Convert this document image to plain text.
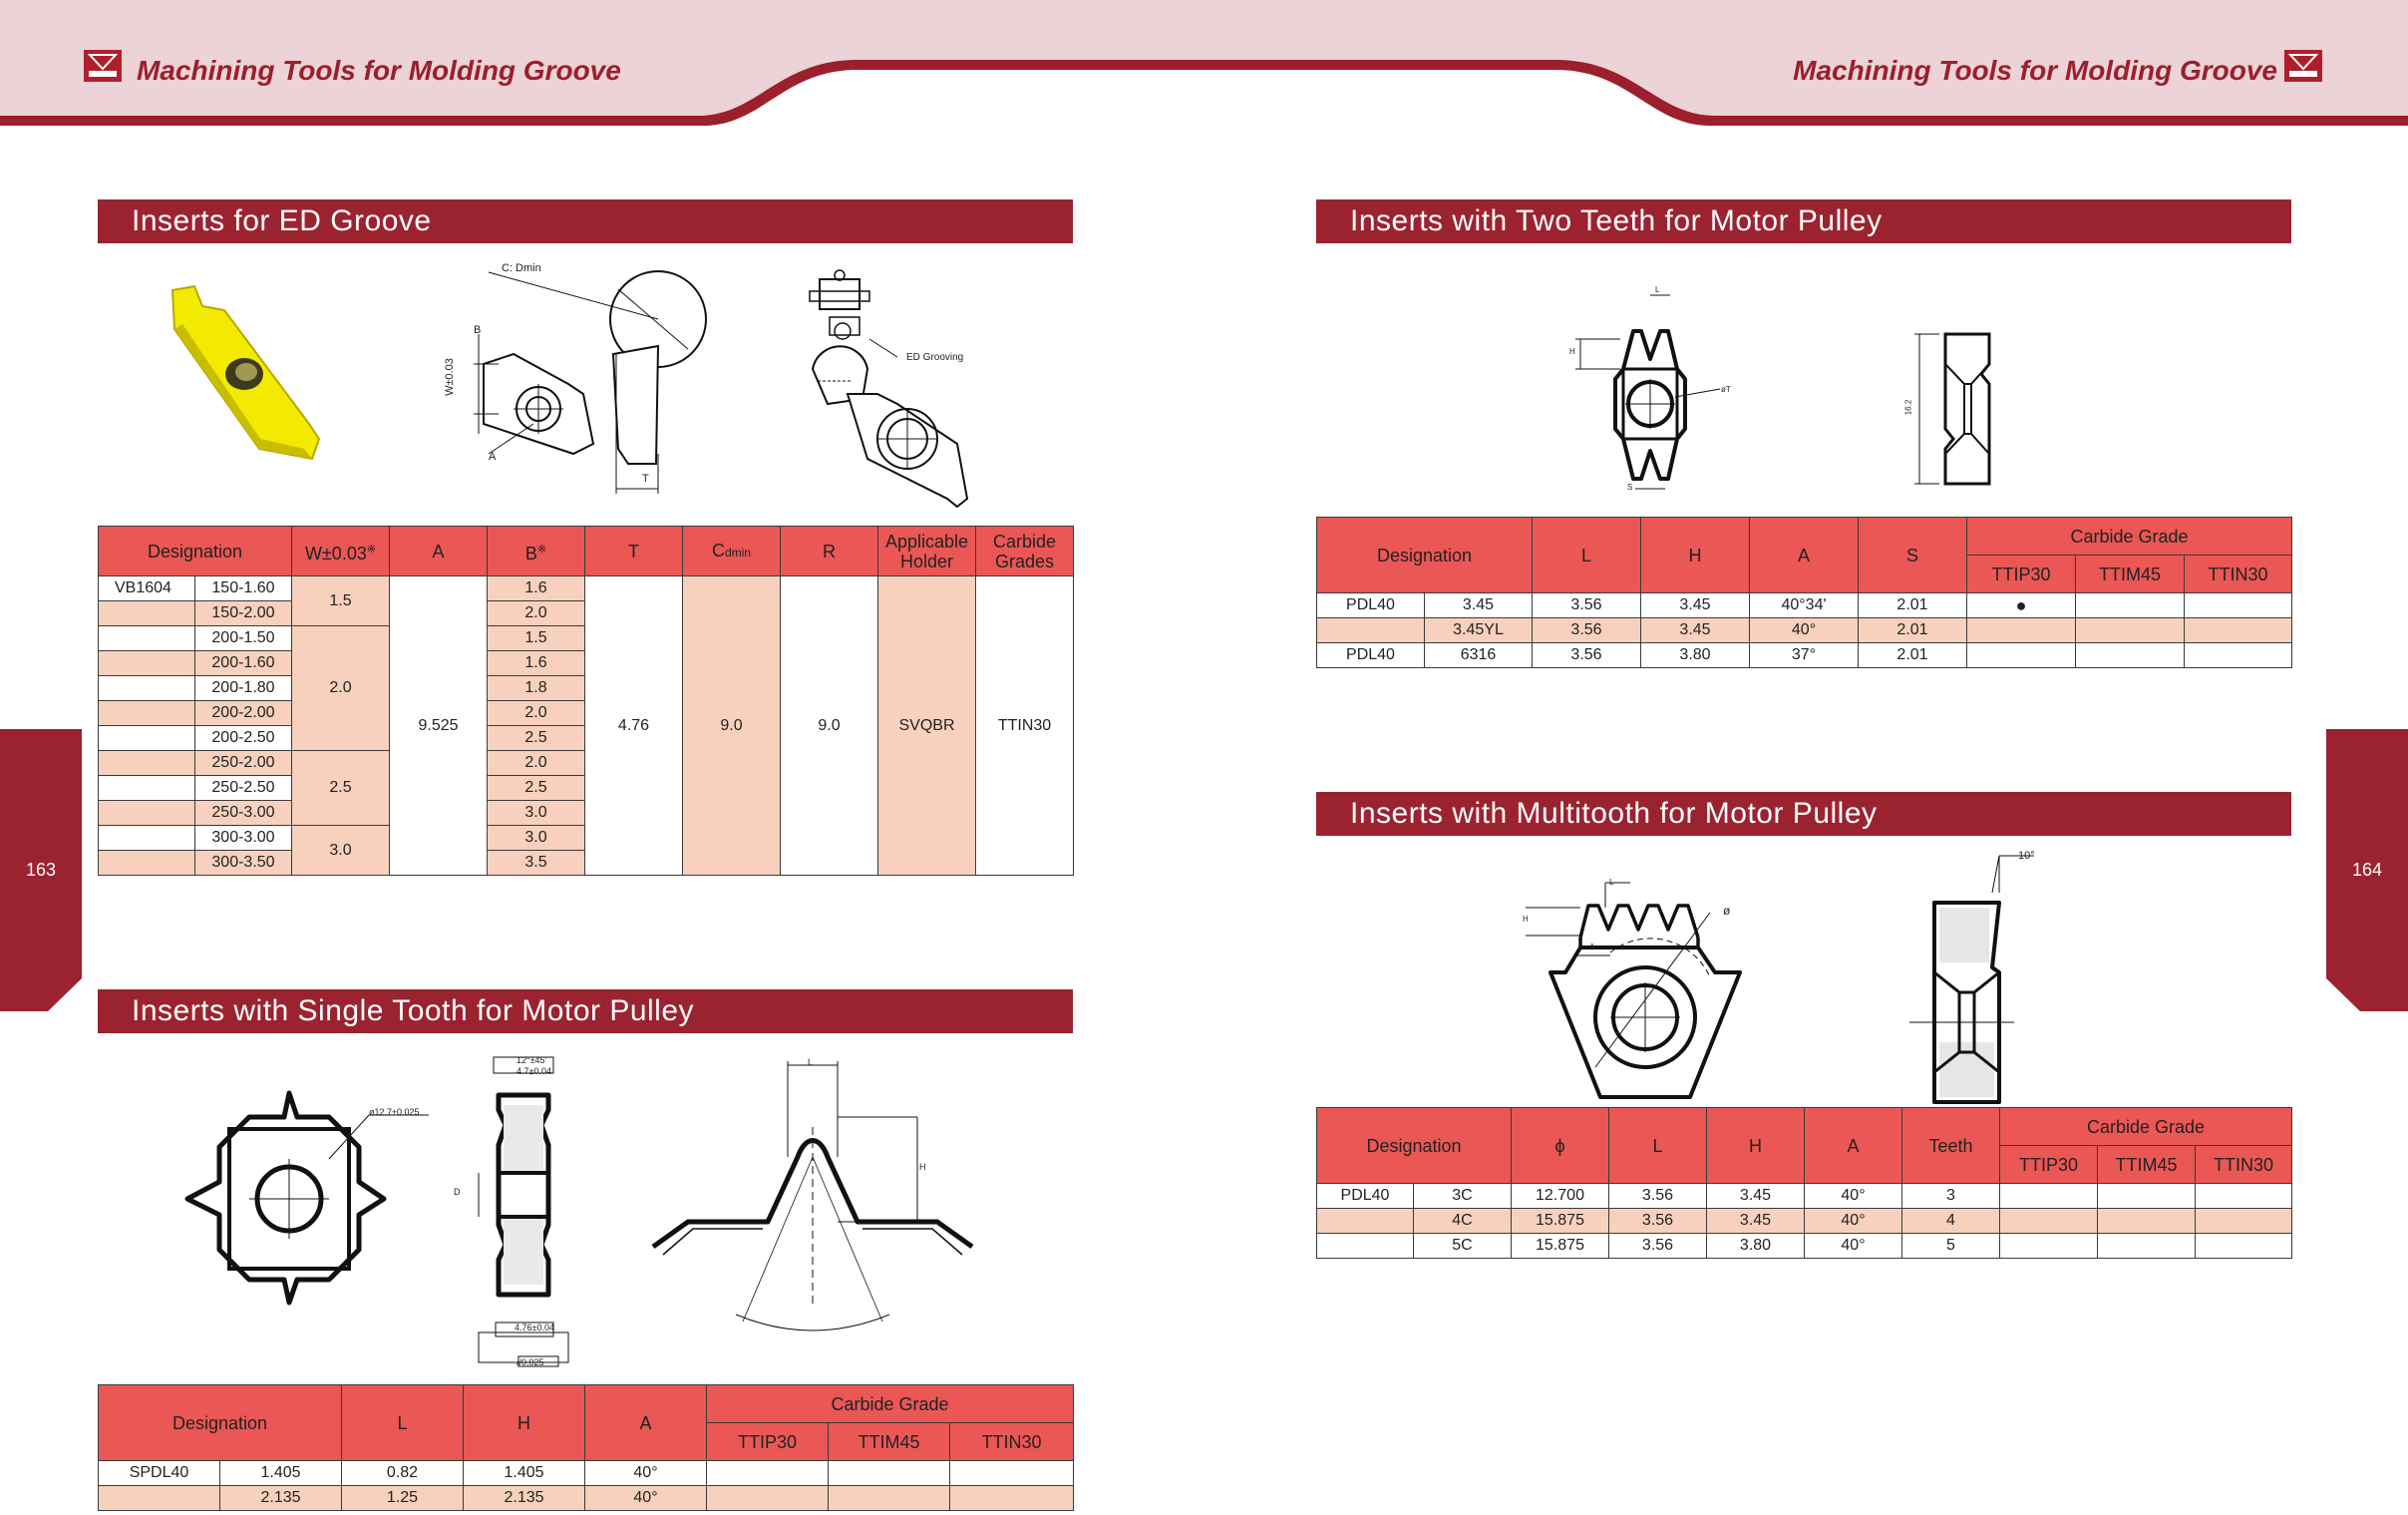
Machining Tools for Molding Groove	Machining Tools for Molding Groove
163	164
Inserts for ED Groove
Inserts with Single Tooth for Motor Pulley
Inserts with Two Teeth for Motor Pulley
Inserts with Multitooth for Motor Pulley
C: Dmin
W±0.03
B
A
T
ED Grooving
Designation		W±0.03※	A	B※	T	Cdmin	R	Applicable
Holder	Carbide
Grades
VB1604	150-1.60	1.5	9.525	1.6	4.76	9.0	9.0	SVQBR	TTIN30
	150-2.00			2.0					
	200-1.50	2.0		1.5					
	200-1.60			1.6					
	200-1.80			1.8					
	200-2.00			2.0					
	200-2.50			2.5					
	250-2.00	2.5		2.0					
	250-2.50			2.5					
	250-3.00			3.0					
	300-3.00	3.0		3.0					
	300-3.50			3.5					
ø12.7±0.025
12°±45'
4.7±0.04
D
4.76±0.04
//0.025
L
H
Designation		L	H	A	Carbide Grade		
					TTIP30	TTIM45	TTIN30
SPDL40	1.405	0.82	1.405	40°			
	2.135	1.25	2.135	40°			
L
H
øT
S
16.2
Designation		L	H	A	S	Carbide Grade		
						TTIP30	TTIM45	TTIN30
PDL40	3.45	3.56	3.45	40°34'	2.01	●		
	3.45YL	3.56	3.45	40°	2.01			
PDL40	6316	3.56	3.80	37°	2.01			
L
H
A
ø
10°
Designation		ϕ	L	H	A	Teeth	Carbide Grade		
							TTIP30	TTIM45	TTIN30
PDL40	3C	12.700	3.56	3.45	40°	3			
	4C	15.875	3.56	3.45	40°	4			
	5C	15.875	3.56	3.80	40°	5			
